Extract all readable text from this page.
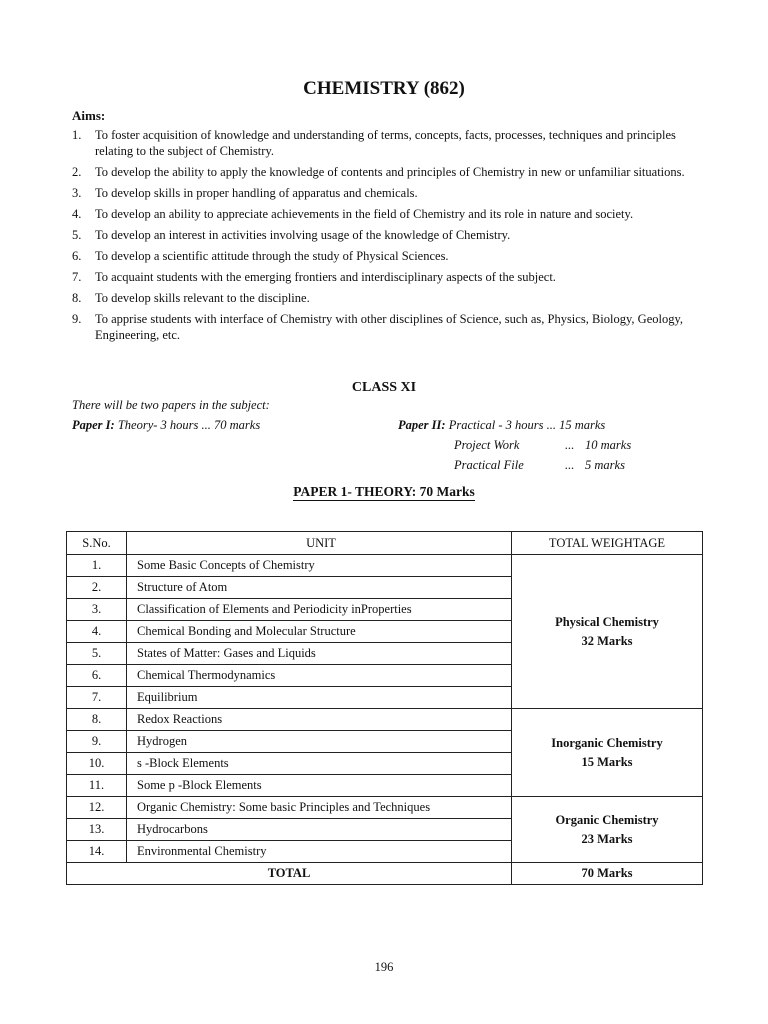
CHEMISTRY (862)
Aims:
1.	To foster acquisition of knowledge and understanding of terms, concepts, facts, processes, techniques and principles relating to the subject of Chemistry.
2.	To develop the ability to apply the knowledge of contents and principles of Chemistry in new or unfamiliar situations.
3.	To develop skills in proper handling of apparatus and chemicals.
4.	To develop an ability to appreciate achievements in the field of Chemistry and its role in nature and society.
5.	To develop an interest in activities involving usage of the knowledge of Chemistry.
6.	To develop a scientific attitude through the study of Physical Sciences.
7.	To acquaint students with the emerging frontiers and interdisciplinary aspects of the subject.
8.	To develop skills relevant to the discipline.
9.	To apprise students with interface of Chemistry with other disciplines of Science, such as, Physics, Biology, Geology, Engineering, etc.
CLASS XI
There will be two papers in the subject:
Paper I: Theory- 3 hours ... 70 marks	Paper II: Practical - 3 hours ... 15 marks
Project Work	... 10 marks
Practical File	... 5 marks
PAPER 1- THEORY: 70 Marks
S.No.	UNIT	TOTAL WEIGHTAGE
1.	Some Basic Concepts of Chemistry	Physical Chemistry
32 Marks

2.	Structure of Atom	
3.	Classification of Elements and Periodicity inProperties	
4.	Chemical Bonding and Molecular Structure	
5.	States of Matter: Gases and Liquids	
6.	Chemical Thermodynamics	
7.	Equilibrium	
8.	Redox Reactions	Inorganic Chemistry
15 Marks

9.	Hydrogen	
10.	s -Block Elements	
11.	Some p -Block Elements	
12.	Organic Chemistry: Some basic Principles and Techniques	Organic Chemistry
23 Marks

13.	Hydrocarbons	
14.	Environmental Chemistry	
TOTAL		70 Marks
196
